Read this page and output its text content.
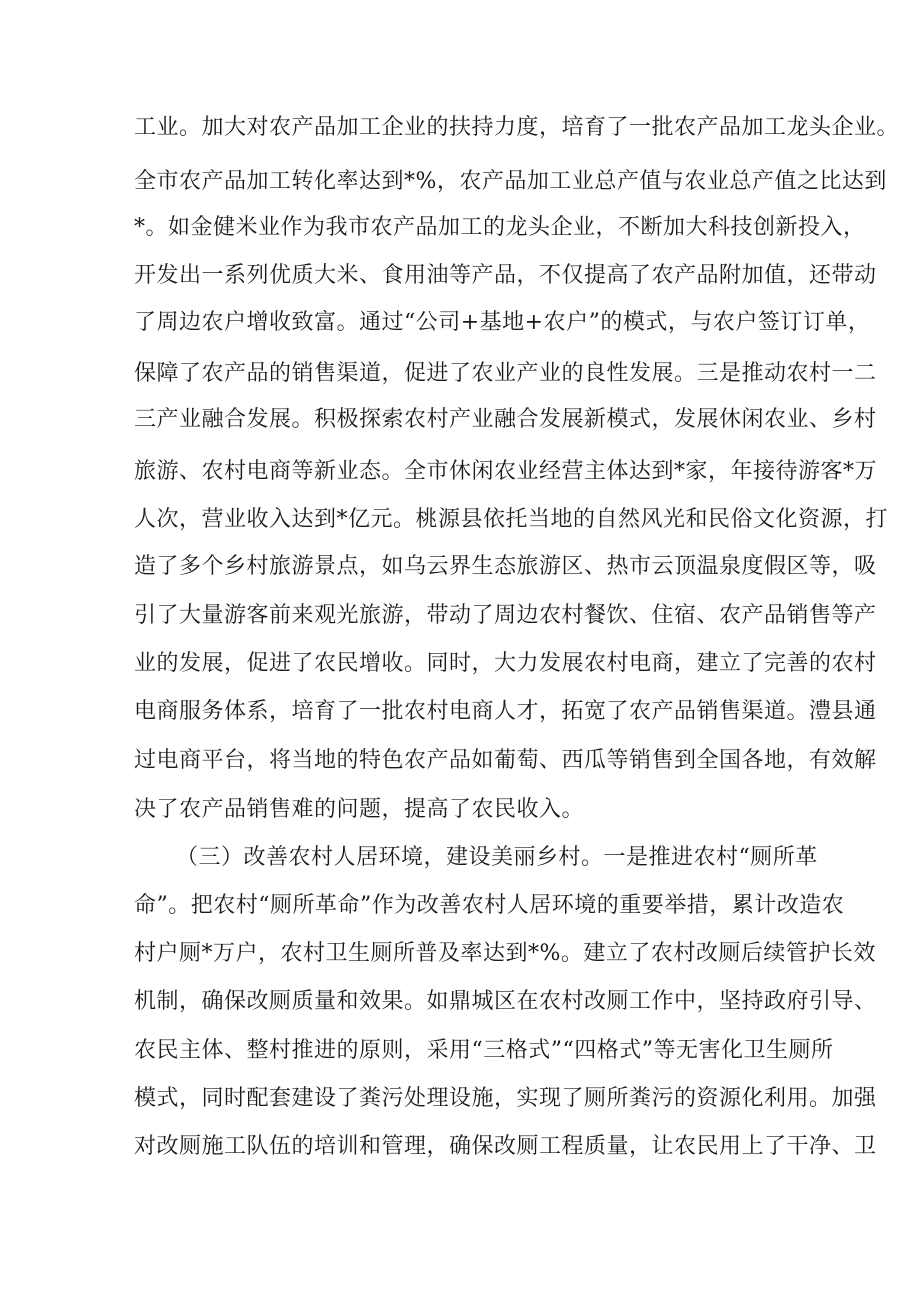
工业。加大对农产品加工企业的扶持力度，培育了一批农产品加工龙头企业。
全市农产品加工转化率达到*%，农产品加工业总产值与农业总产值之比达到
*。如金健米业作为我市农产品加工的龙头企业，不断加大科技创新投入，
开发出一系列优质大米、食用油等产品，不仅提高了农产品附加值，还带动
了周边农户增收致富。通过“公司+基地+农户”的模式，与农户签订订单，
保障了农产品的销售渠道，促进了农业产业的良性发展。三是推动农村一二
三产业融合发展。积极探索农村产业融合发展新模式，发展休闲农业、乡村
旅游、农村电商等新业态。全市休闲农业经营主体达到*家，年接待游客*万
人次，营业收入达到*亿元。桃源县依托当地的自然风光和民俗文化资源，打
造了多个乡村旅游景点，如乌云界生态旅游区、热市云顶温泉度假区等，吸
引了大量游客前来观光旅游，带动了周边农村餐饮、住宿、农产品销售等产
业的发展，促进了农民增收。同时，大力发展农村电商，建立了完善的农村
电商服务体系，培育了一批农村电商人才，拓宽了农产品销售渠道。澧县通
过电商平台，将当地的特色农产品如葡萄、西瓜等销售到全国各地，有效解
决了农产品销售难的问题，提高了农民收入。
（三）改善农村人居环境，建设美丽乡村。一是推进农村“厕所革
命”。把农村“厕所革命”作为改善农村人居环境的重要举措，累计改造农
村户厕*万户，农村卫生厕所普及率达到*%。建立了农村改厕后续管护长效
机制，确保改厕质量和效果。如鼎城区在农村改厕工作中，坚持政府引导、
农民主体、整村推进的原则，采用“三格式”“四格式”等无害化卫生厕所
模式，同时配套建设了粪污处理设施，实现了厕所粪污的资源化利用。加强
对改厕施工队伍的培训和管理，确保改厕工程质量，让农民用上了干净、卫
